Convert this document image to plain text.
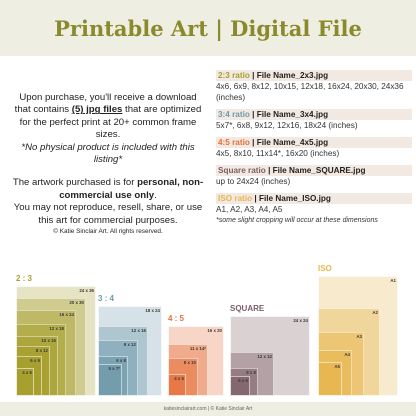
Printable Art | Digital File

Upon purchase, you'll receive a download that contains (5) jpg files that are optimized for the perfect print at 20+ common frame sizes.

*No physical product is included with this listing*

The artwork purchased is for personal, non-commercial use only.

You may not reproduce, resell, share, or use this art for commercial purposes.

© Katie Sinclair Art. All rights reserved.

2:3 ratio | File Name_2x3.jpg
4x6, 6x9, 8x12, 10x15, 12x18, 16x24, 20x30, 24x36 (inches)
3:4 ratio | File Name_3x4.jpg
5x7*, 6x8, 9x12, 12x16, 18x24 (inches)
4:5 ratio | File Name_4x5.jpg
4x5, 8x10, 11x14*, 16x20 (inches)
Square ratio | File Name_SQUARE.jpg
up to 24x24 (inches)
ISO ratio | File Name_ISO.jpg
A1, A2, A3, A4, A5
*some slight cropping will occur at these dimensions
2 : 3
24 x 36
20 x 30
16 x 24
12 x 18
10 x 15
8 x 12
6 x 9
4 x 6
3 : 4
18 x 24
12 x 16
9 x 12
6 x 8
5 x 7*
4 : 5
16 x 20
11 x 14*
8 x 10
4 x 5
SQUARE
24 x 24
12 x 12
8 x 8
6 x 6
ISO
A1
A2
A3
A4
A5
katiesinclairart.com | © Katie Sinclair Art
